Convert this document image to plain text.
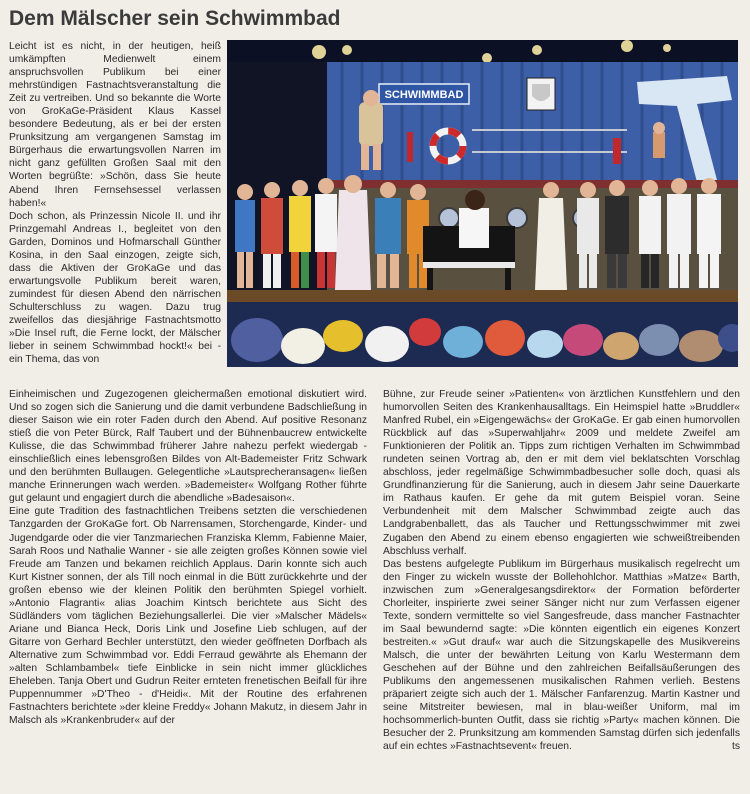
Dem Mälscher sein Schwimmbad

Leicht ist es nicht, in der heutigen, heiß umkämpften Medienwelt einem anspruchsvollen Publikum bei einer mehrstündigen Fastnachtsveranstaltung die Zeit zu vertreiben. Und so bekannte die Worte von GroKaGe-Präsident Klaus Kassel besondere Bedeutung, als er bei der ersten Prunksitzung am vergangenen Samstag im Bürgerhaus die erwartungsvollen Narren im nicht ganz gefüllten Großen Saal mit den Worten begrüßte: »Schön, dass Sie heute Abend Ihren Fernsehsessel verlassen haben!«

Doch schon, als Prinzessin Nicole II. und ihr Prinzgemahl Andreas I., begleitet von den Garden, Dominos und Hofmarschall Günther Kosina, in den Saal einzogen, zeigte sich, dass die Aktiven der GroKaGe und das erwartungsvolle Publikum bereit waren, zumindest für diesen Abend den närrischen Schulterschluss zu wagen. Dazu trug zweifellos das diesjährige Fastnachtsmotto »Die Insel ruft, die Ferne lockt, der Mälscher lieber in seinem Schwimmbad hockt!« bei - ein Thema, das von

SCHWIMMBAD

Einheimischen und Zugezogenen gleichermaßen emotional diskutiert wird. Und so zogen sich die Sanierung und die damit verbundene Badschließung in dieser Saison wie ein roter Faden durch den Abend. Auf positive Resonanz stieß die von Peter Bürck, Ralf Taubert und der Bühnenbaucrew entwickelte Kulisse, die das Schwimmbad früherer Jahre nahezu perfekt wiedergab - einschließlich eines lebensgroßen Bildes von Alt-Bademeister Fritz Schwark und den berühmten Bullaugen. Gelegentliche »Lautsprecheransagen« ließen manche Erinnerungen wach werden. »Bademeister« Wolfgang Rother führte gut gelaunt und engagiert durch die abendliche »Badesaison«.

Eine gute Tradition des fastnachtlichen Treibens setzten die verschiedenen Tanzgarden der GroKaGe fort. Ob Narrensamen, Storchengarde, Kinder- und Jugendgarde oder die vier Tanzmariechen Franziska Klemm, Fabienne Maier, Sarah Roos und Nathalie Wanner - sie alle zeigten großes Können sowie viel Freude am Tanzen und bekamen reichlich Applaus. Darin konnte sich auch Kurt Kistner sonnen, der als Till noch einmal in die Bütt zurückkehrte und der großen ebenso wie der kleinen Politik den berühmten Spiegel vorhielt. »Antonio Flagranti« alias Joachim Kintsch berichtete aus Sicht des Südländers vom täglichen Beziehungsallerlei. Die vier »Malscher Mädels« Ariane und Bianca Heck, Doris Link und Josefine Lieb schlugen, auf der Gitarre von Gerhard Bechler unterstützt, den wieder geöffneten Dorfbach als Alternative zum Schwimmbad vor. Eddi Ferraud gewährte als Ehemann der »alten Schlambambel« tiefe Einblicke in sein nicht immer glückliches Eheleben. Tanja Obert und Gudrun Reiter ernteten frenetischen Beifall für ihre Puppennummer »D'Theo - d'Heidi«. Mit der Routine des erfahrenen Fastnachters berichtete »der kleine Freddy« Johann Makutz, in diesem Jahr in Malsch als »Krankenbruder« auf der

Bühne, zur Freude seiner »Patienten« von ärztlichen Kunstfehlern und den humorvollen Seiten des Krankenhausalltags. Ein Heimspiel hatte »Bruddler« Manfred Rubel, ein »Eigengewächs« der GroKaGe. Er gab einen humorvollen Rückblick auf das »Superwahljahr« 2009 und meldete Zweifel am Funktionieren der Politik an. Tipps zum richtigen Verhalten im Schwimmbad rundeten seinen Vortrag ab, den er mit dem viel beklatschten Vorschlag abschloss, jeder regelmäßige Schwimmbadbesucher solle doch, quasi als Grundfinanzierung für die Sanierung, auch in diesem Jahr seine Dauerkarte im Rathaus kaufen. Er gehe da mit gutem Beispiel voran. Seine Verbundenheit mit dem Malscher Schwimmbad zeigte auch das Landgrabenballett, das als Taucher und Rettungsschwimmer mit zwei Zugaben den Abend zu einem ebenso engagierten wie schweißtreibenden Abschluss verhalf.

Das bestens aufgelegte Publikum im Bürgerhaus musikalisch regelrecht um den Finger zu wickeln wusste der Bollehohlchor. Matthias »Matze« Barth, inzwischen zum »Generalgesangsdirektor« der Formation beförderter Chorleiter, inspirierte zwei seiner Sänger nicht nur zum Verfassen eigener Texte, sondern vermittelte so viel Sangesfreude, dass mancher Fastnachter im Saal bewundernd sagte: »Die könnten eigentlich ein eigenes Konzert bestreiten.« »Gut drauf« war auch die Sitzungskapelle des Musikvereins Malsch, die unter der bewährten Leitung von Karlu Westermann dem Geschehen auf der Bühne und den zahlreichen Beifallsäußerungen des Publikums den angemessenen musikalischen Rahmen verlieh. Bestens präpariert zeigte sich auch der 1. Mälscher Fanfarenzug. Martin Kastner und seine Mitstreiter bewiesen, mal in blau-weißer Uniform, mal im hochsommerlich-bunten Outfit, dass sie richtig »Party« machen können. Die Besucher der 2. Prunksitzung am kommenden Samstag dürfen sich jedenfalls auf ein echtes »Fastnachtsevent« freuen.	ts
